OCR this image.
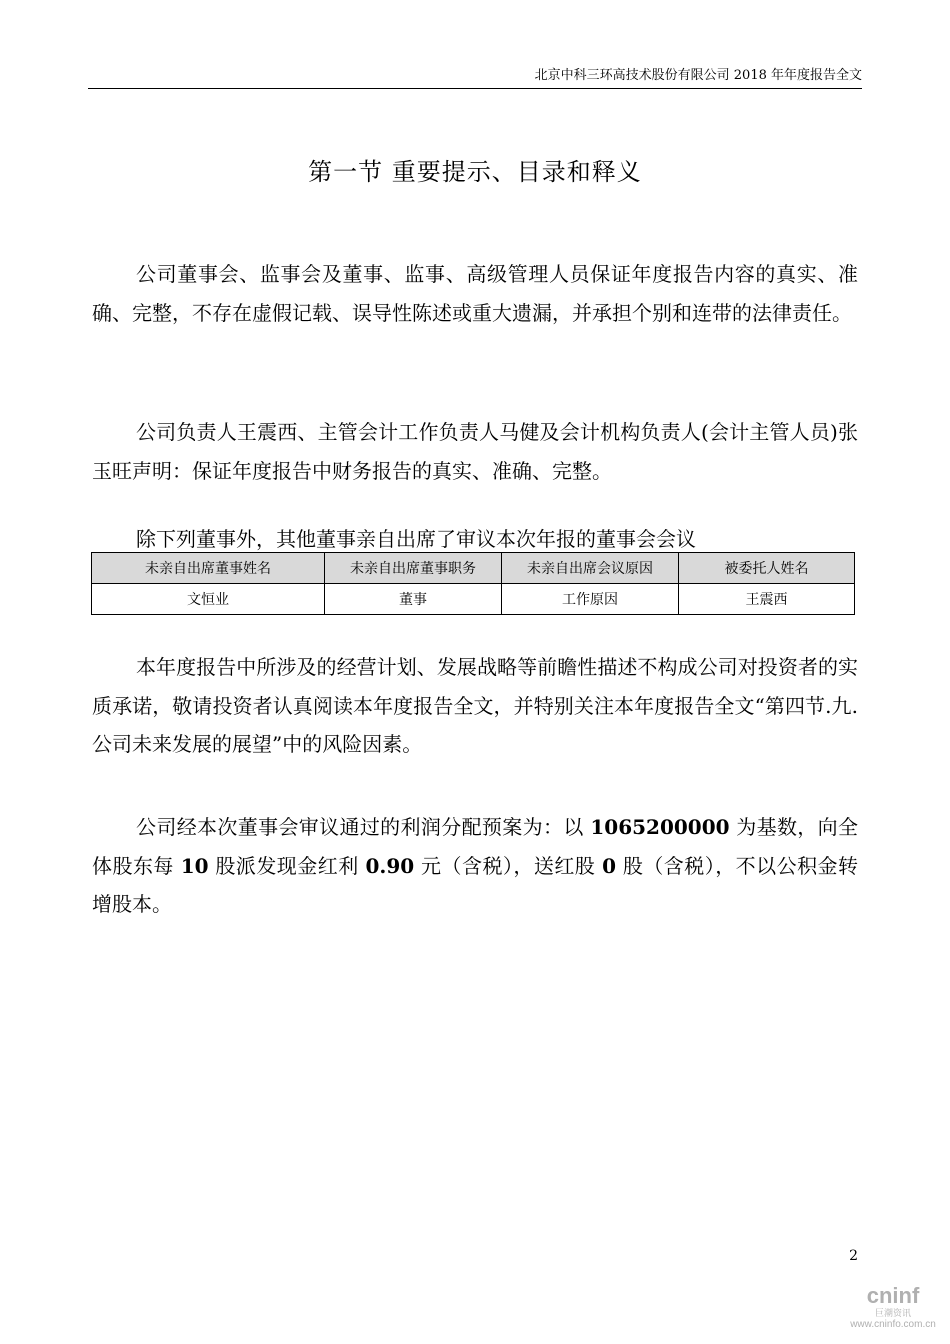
北京中科三环高技术股份有限公司 2018 年年度报告全文
第一节 重要提示、目录和释义

公司董事会、监事会及董事、监事、高级管理人员保证年度报告内容的真实、准确、完整，不存在虚假记载、误导性陈述或重大遗漏，并承担个别和连带的法律责任。

公司负责人王震西、主管会计工作负责人马健及会计机构负责人(会计主管人员)张玉旺声明：保证年度报告中财务报告的真实、准确、完整。

除下列董事外，其他董事亲自出席了审议本次年报的董事会会议

未亲自出席董事姓名	未亲自出席董事职务	未亲自出席会议原因	被委托人姓名
文恒业	董事	工作原因	王震西

本年度报告中所涉及的经营计划、发展战略等前瞻性描述不构成公司对投资者的实质承诺，敬请投资者认真阅读本年度报告全文，并特别关注本年度报告全文“第四节.九.公司未来发展的展望”中的风险因素。

公司经本次董事会审议通过的利润分配预案为：以 1065200000 为基数，向全体股东每 10 股派发现金红利 0.90 元（含税），送红股 0 股（含税），不以公积金转增股本。

2
cninf
巨潮资讯
www.cninfo.com.cn
